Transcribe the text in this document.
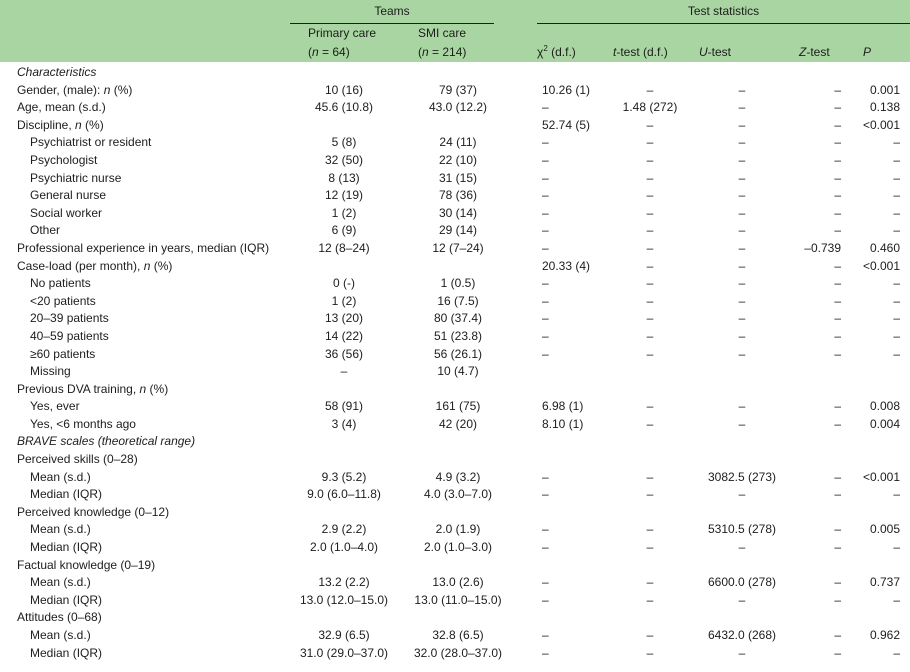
	Teams			Test statistics				

	Primary care	SMI care						
	(n = 64)	(n = 214)		$\chi^2$ (d.f.)	t-test (d.f.)	U-test	Z-test	P
Characteristics								
Gender, (male): n (%)	10 (16)	79 (37)	10.26 (1)		–	–	–	0.001
Age, mean (s.d.)	45.6 (10.8)	43.0 (12.2)	–		1.48 (272)	–	–	0.138
Discipline, n (%)			52.74 (5)		–	–	–	<0.001
Psychiatrist or resident	5 (8)	24 (11)	–		–	–	–	–
Psychologist	32 (50)	22 (10)	–		–	–	–	–
Psychiatric nurse	8 (13)	31 (15)	–		–	–	–	–
General nurse	12 (19)	78 (36)	–		–	–	–	–
Social worker	1 (2)	30 (14)	–		–	–	–	–
Other	6 (9)	29 (14)	–		–	–	–	–
Professional experience in years, median (IQR)	12 (8–24)	12 (7–24)	–		–	–	–0.739	0.460
Case-load (per month), n (%)			20.33 (4)		–	–	–	<0.001
No patients	0 (-)	1 (0.5)	–		–	–	–	–
<20 patients	1 (2)	16 (7.5)	–		–	–	–	–
20–39 patients	13 (20)	80 (37.4)	–		–	–	–	–
40–59 patients	14 (22)	51 (23.8)	–		–	–	–	–
≥60 patients	36 (56)	56 (26.1)	–		–	–	–	–
Missing	–	10 (4.7)						
Previous DVA training, n (%)								
Yes, ever	58 (91)	161 (75)	6.98 (1)		–	–	–	0.008
Yes, <6 months ago	3 (4)	42 (20)	8.10 (1)		–	–	–	0.004
BRAVE scales (theoretical range)								
Perceived skills (0–28)								
Mean (s.d.)	9.3 (5.2)	4.9 (3.2)	–		–	3082.5 (273)	–	<0.001
Median (IQR)	9.0 (6.0–11.8)	4.0 (3.0–7.0)	–		–	–	–	–
Perceived knowledge (0–12)								
Mean (s.d.)	2.9 (2.2)	2.0 (1.9)	–		–	5310.5 (278)	–	0.005
Median (IQR)	2.0 (1.0–4.0)	2.0 (1.0–3.0)	–		–	–	–	–
Factual knowledge (0–19)								
Mean (s.d.)	13.2 (2.2)	13.0 (2.6)	–		–	6600.0 (278)	–	0.737
Median (IQR)	13.0 (12.0–15.0)	13.0 (11.0–15.0)	–		–	–	–	–
Attitudes (0–68)								
Mean (s.d.)	32.9 (6.5)	32.8 (6.5)	–		–	6432.0 (268)	–	0.962
Median (IQR)	31.0 (29.0–37.0)	32.0 (28.0–37.0)	–		–	–	–	–
